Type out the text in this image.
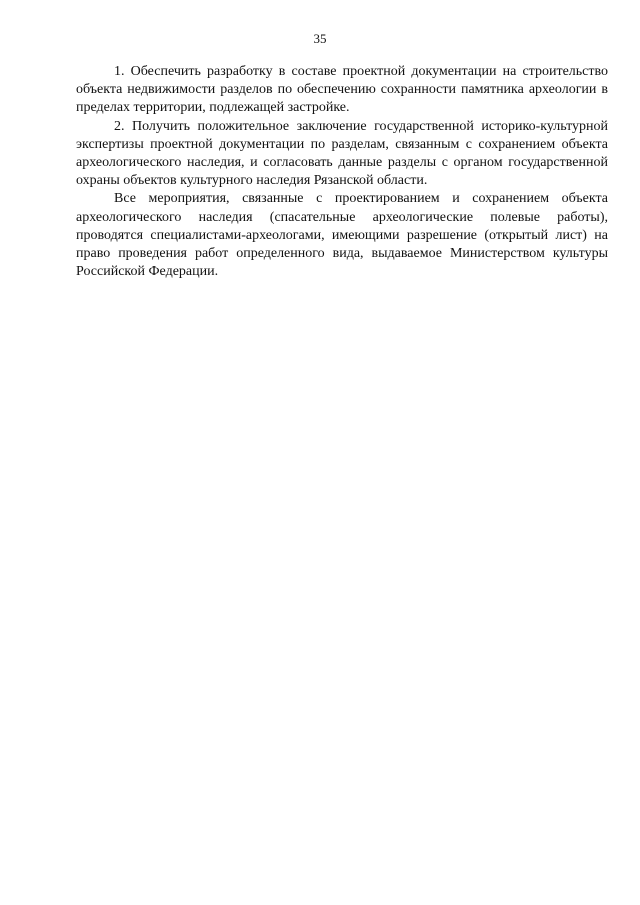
35

1. Обеспечить разработку в составе проектной документации на строительство объекта недвижимости разделов по обеспечению сохранности памятника археологии в пределах территории, подлежащей застройке.

2. Получить положительное заключение государственной историко-культурной экспертизы проектной документации по разделам, связанным с сохранением объекта археологического наследия, и согласовать данные разделы с органом государственной охраны объектов культурного наследия Рязанской области.

Все мероприятия, связанные с проектированием и сохранением объекта археологического наследия (спасательные археологические полевые работы), проводятся специалистами-археологами, имеющими разрешение (открытый лист) на право проведения работ определенного вида, выдаваемое Министерством культуры Российской Федерации.
